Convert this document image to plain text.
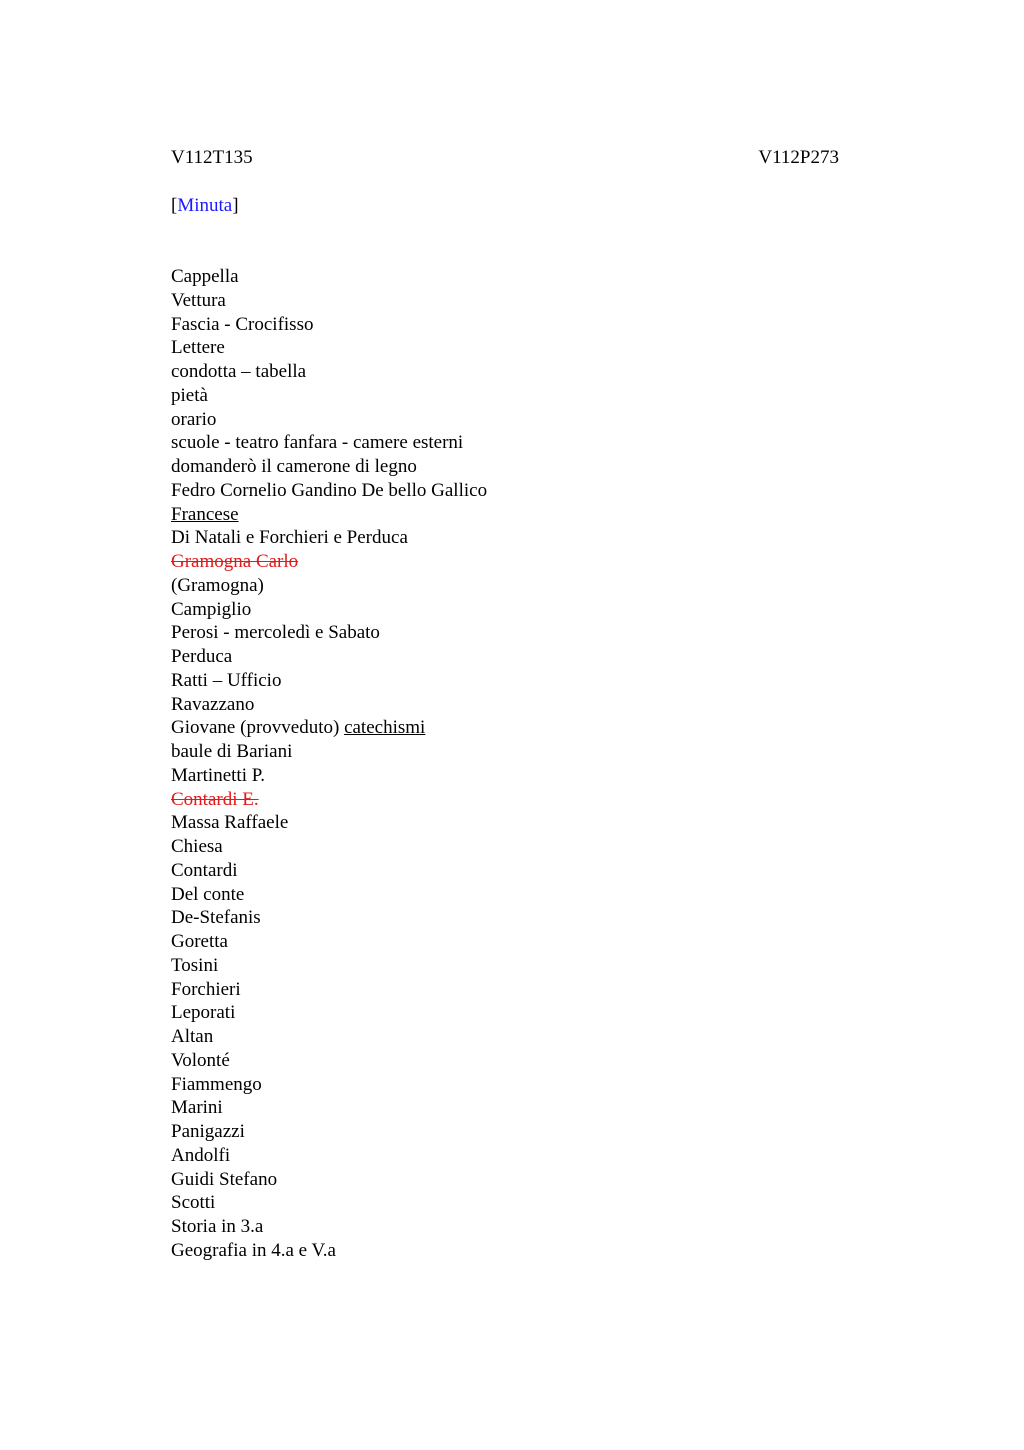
V112T135	V112P273
[Minuta]
Cappella
Vettura
Fascia - Crocifisso
Lettere
condotta – tabella
pietà
orario
scuole - teatro fanfara - camere esterni
domanderò il camerone di legno
Fedro Cornelio Gandino De bello Gallico
Francese
Di Natali e Forchieri e Perduca
Gramogna Carlo
(Gramogna)
Campiglio
Perosi - mercoledì e Sabato
Perduca
Ratti – Ufficio
Ravazzano
Giovane (provveduto) catechismi
baule di Bariani
Martinetti P.
Contardi E.
Massa Raffaele
Chiesa
Contardi
Del conte
De-Stefanis
Goretta
Tosini
Forchieri
Leporati
Altan
Volonté
Fiammengo
Marini
Panigazzi
Andolfi
Guidi Stefano
Scotti
Storia in 3.a
Geografia in 4.a e V.a
